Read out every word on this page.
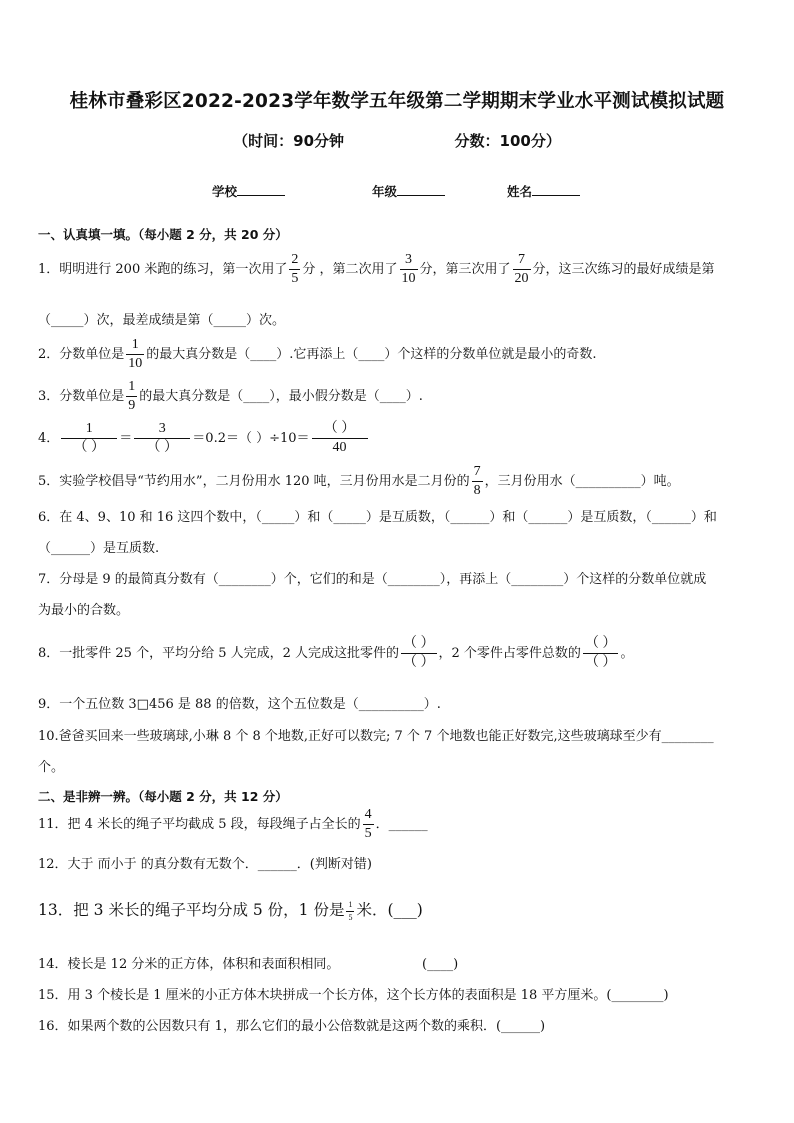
桂林市叠彩区2022-2023学年数学五年级第二学期期末学业水平测试模拟试题
（时间：90分钟	分数：100分）
学校	年级	姓名
一、认真填一填。（每小题 2 分，共 20 分）
1．明明进行 200 米跑的练习，第一次用了 $\frac{2}{5}$ 分 ，第二次用了 $\frac{3}{10}$ 分，第三次用了 $\frac{7}{20}$ 分，这三次练习的最好成绩是第
（_____）次，最差成绩是第（_____）次。
2．分数单位是 $\frac{1}{10}$ 的最大真分数是（____）.它再添上（____）个这样的分数单位就是最小的奇数.
3．分数单位是 $\frac{1}{9}$ 的最大真分数是（____），最小假分数是（____）.
4． $\frac{1}{( )} = \frac{3}{( )} =0.2=$（ ）$\div 10= \frac{( )}{40}$
5．实验学校倡导“节约用水”，二月份用水 120 吨，三月份用水是二月份的 $\frac{7}{8}$ ，三月份用水（__________）吨。
6．在 4、9、10 和 16 这四个数中，（_____）和（_____）是互质数，（______）和（______）是互质数，（______）和
（______）是互质数.
7．分母是 9 的最简真分数有（________）个，它们的和是（________），再添上（________）个这样的分数单位就成
为最小的合数。
8．一批零件 25 个，平均分给 5 人完成，2 人完成这批零件的 $\frac{( )}{( )}$ ，2 个零件占零件总数的 $\frac{( )}{( )}$ 。
9．一个五位数 3□456 是 88 的倍数，这个五位数是（__________）.
10.爸爸买回来一些玻璃球,小琳 8 个 8 个地数,正好可以数完; 7 个 7 个地数也能正好数完,这些玻璃球至少有________
个。
二、是非辨一辨。（每小题 2 分，共 12 分）
11．把 4 米长的绳子平均截成 5 段，每段绳子占全长的 $\frac{4}{5}$ ．______
12．大于 而小于 的真分数有无数个．______．(判断对错)
13．把 3 米长的绳子平均分成 5 份，1 份是 $\frac{1}{5}$ 米．(___)
14．棱长是 12 分米的正方体，体积和表面积相同。	(____)
15．用 3 个棱长是 1 厘米的小正方体木块拼成一个长方体，这个长方体的表面积是 18 平方厘米。(________)
16．如果两个数的公因数只有 1，那么它们的最小公倍数就是这两个数的乘积．(______)
